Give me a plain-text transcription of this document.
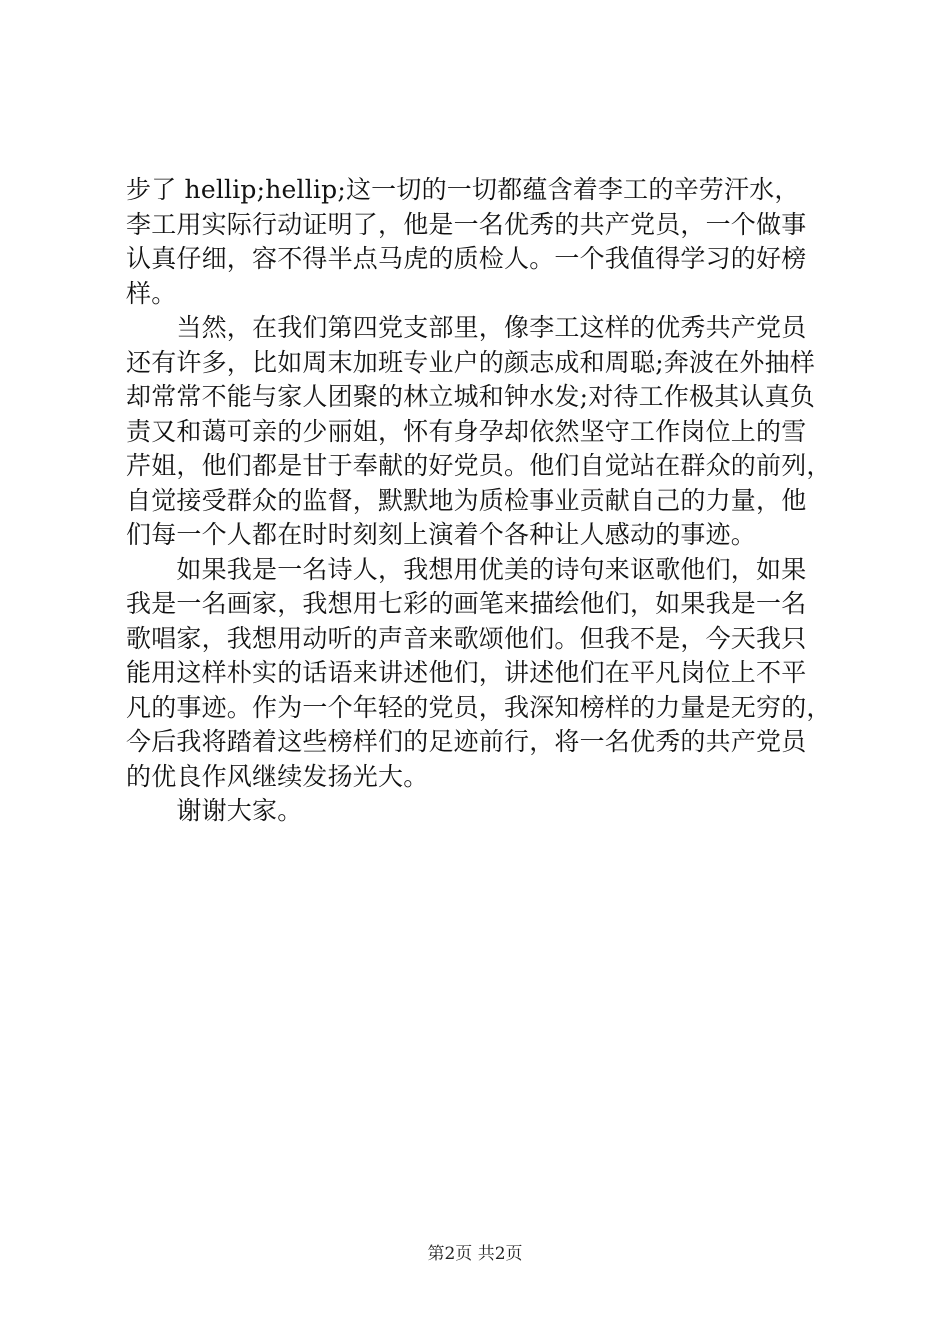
步了 hellip;hellip;这一切的一切都蕴含着李工的辛劳汗水，
李工用实际行动证明了，他是一名优秀的共产党员，一个做事
认真仔细，容不得半点马虎的质检人。一个我值得学习的好榜
样。
　　当然，在我们第四党支部里，像李工这样的优秀共产党员
还有许多，比如周末加班专业户的颜志成和周聪;奔波在外抽样
却常常不能与家人团聚的林立城和钟水发;对待工作极其认真负
责又和蔼可亲的少丽姐，怀有身孕却依然坚守工作岗位上的雪
芹姐，他们都是甘于奉献的好党员。他们自觉站在群众的前列，
自觉接受群众的监督，默默地为质检事业贡献自己的力量，他
们每一个人都在时时刻刻上演着个各种让人感动的事迹。
　　如果我是一名诗人，我想用优美的诗句来讴歌他们，如果
我是一名画家，我想用七彩的画笔来描绘他们，如果我是一名
歌唱家，我想用动听的声音来歌颂他们。但我不是，今天我只
能用这样朴实的话语来讲述他们，讲述他们在平凡岗位上不平
凡的事迹。作为一个年轻的党员，我深知榜样的力量是无穷的，
今后我将踏着这些榜样们的足迹前行，将一名优秀的共产党员
的优良作风继续发扬光大。
　　谢谢大家。
第2页 共2页
